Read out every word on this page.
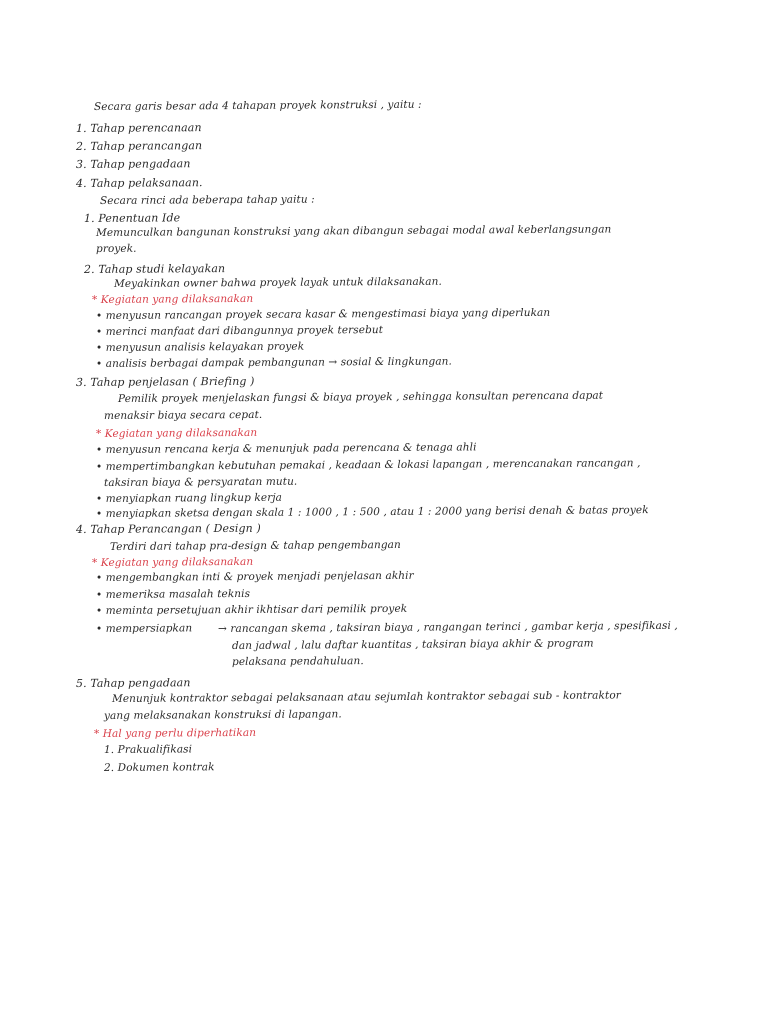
Secara garis besar ada 4 tahapan proyek konstruksi , yaitu :
1. Tahap perencanaan
2. Tahap perancangan
3. Tahap pengadaan
4. Tahap pelaksanaan.
Secara rinci ada beberapa tahap yaitu :
1. Penentuan Ide
Memunculkan bangunan konstruksi yang akan dibangun sebagai modal awal keberlangsungan
proyek.
2. Tahap studi kelayakan
Meyakinkan owner bahwa proyek layak untuk dilaksanakan.
* Kegiatan yang dilaksanakan
• menyusun rancangan proyek secara kasar & mengestimasi biaya yang diperlukan
• merinci manfaat dari dibangunnya proyek tersebut
• menyusun analisis kelayakan proyek
• analisis berbagai dampak pembangunan → sosial & lingkungan.
3. Tahap penjelasan ( Briefing )
Pemilik proyek menjelaskan fungsi & biaya proyek , sehingga konsultan perencana dapat
menaksir biaya secara cepat.
* Kegiatan yang dilaksanakan
• menyusun rencana kerja & menunjuk pada perencana & tenaga ahli
• mempertimbangkan kebutuhan pemakai , keadaan & lokasi lapangan , merencanakan rancangan ,
taksiran biaya & persyaratan mutu.
• menyiapkan ruang lingkup kerja
• menyiapkan sketsa dengan skala 1 : 1000 , 1 : 500 , atau 1 : 2000 yang berisi denah & batas proyek
4. Tahap Perancangan ( Design )
Terdiri dari tahap pra-design & tahap pengembangan
* Kegiatan yang dilaksanakan
• mengembangkan inti & proyek menjadi penjelasan akhir
• memeriksa masalah teknis
• meminta persetujuan akhir ikhtisar dari pemilik proyek
• mempersiapkan → rancangan skema , taksiran biaya , rangangan terinci , gambar kerja , spesifikasi ,
dan jadwal , lalu daftar kuantitas , taksiran biaya akhir & program
pelaksana pendahuluan.
5. Tahap pengadaan
Menunjuk kontraktor sebagai pelaksanaan atau sejumlah kontraktor sebagai sub - kontraktor
yang melaksanakan konstruksi di lapangan.
* Hal yang perlu diperhatikan
1. Prakualifikasi
2. Dokumen kontrak
